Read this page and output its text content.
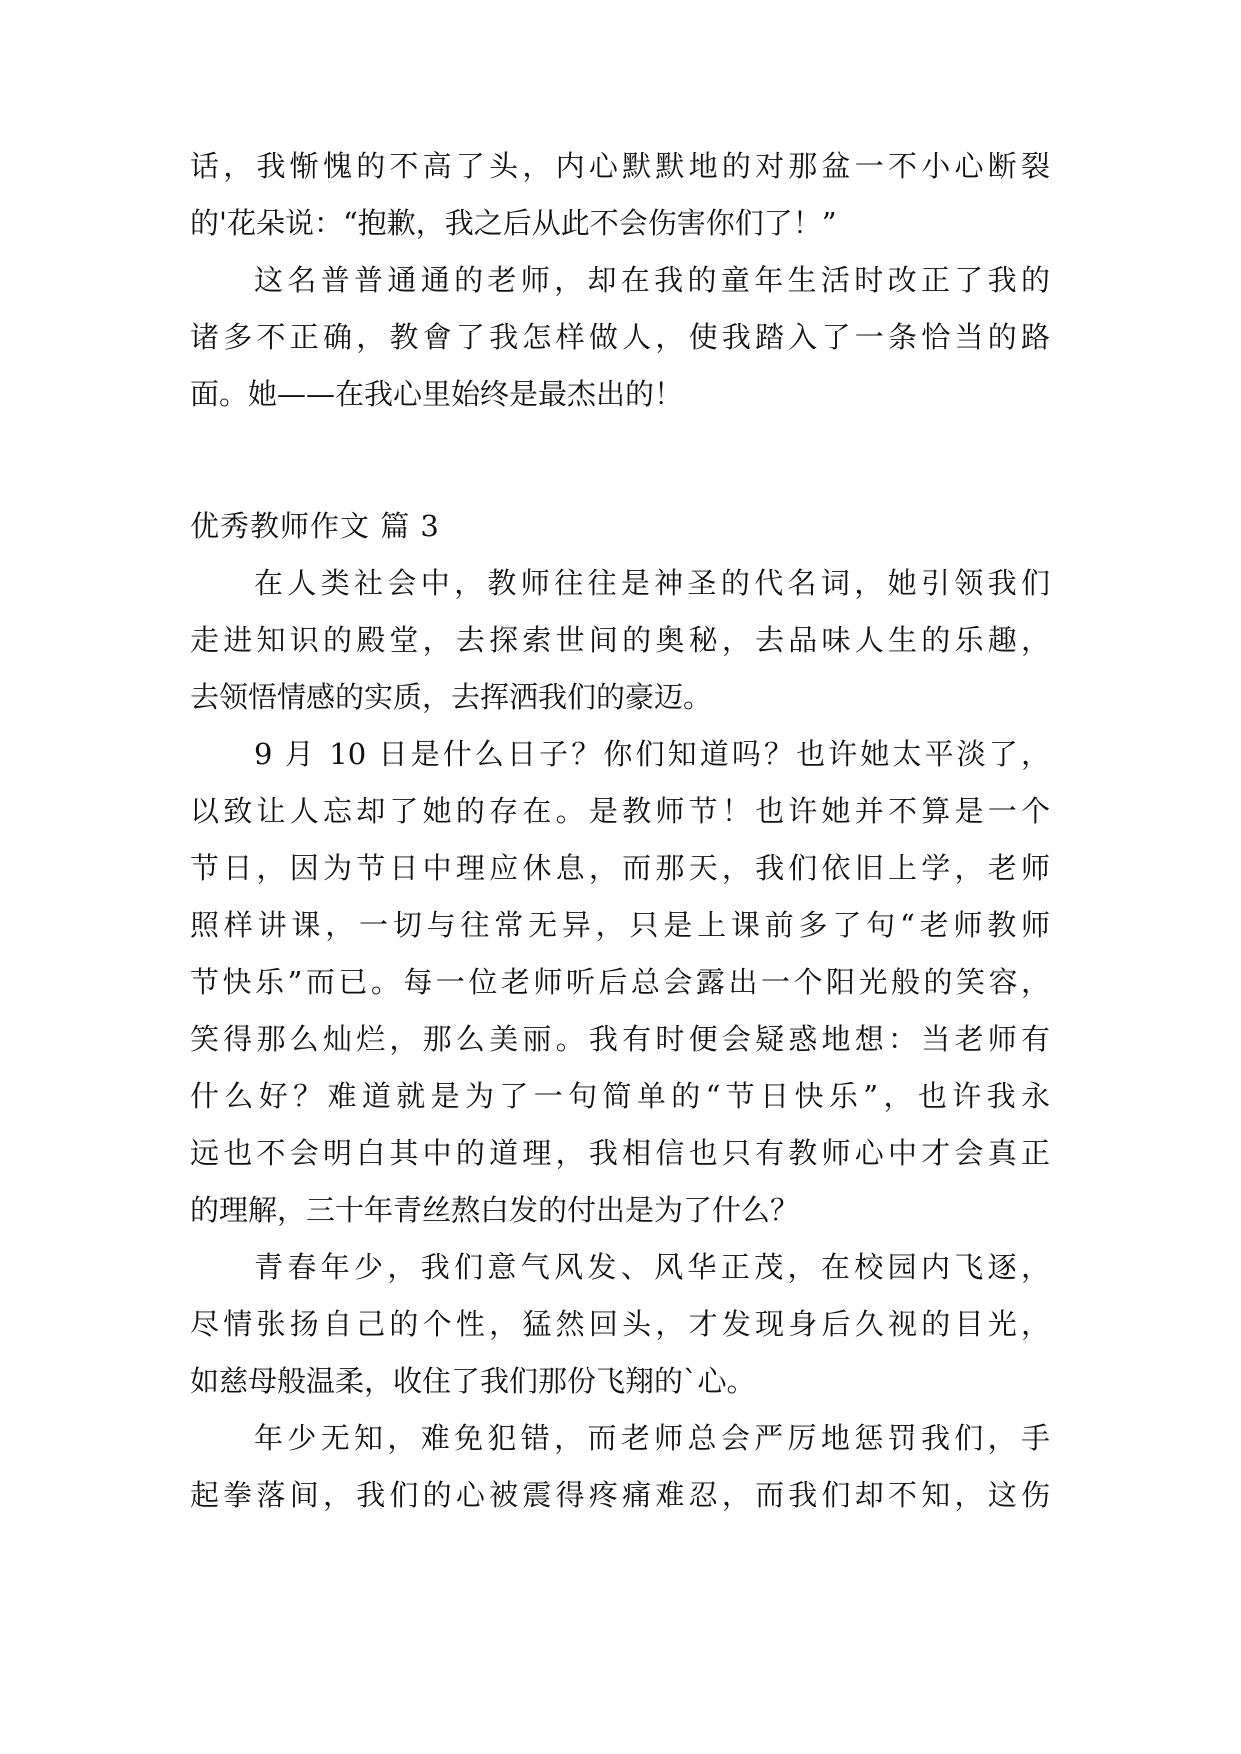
话，我惭愧的不高了头，内心默默地的对那盆一不小心断裂
的'花朵说：“抱歉，我之后从此不会伤害你们了！”
这名普普通通的老师，却在我的童年生活时改正了我的
诸多不正确，教會了我怎样做人，使我踏入了一条恰当的路
面。她——在我心里始终是最杰出的！
优秀教师作文 篇 3
在人类社会中，教师往往是神圣的代名词，她引领我们
走进知识的殿堂，去探索世间的奥秘，去品味人生的乐趣，
去领悟情感的实质，去挥洒我们的豪迈。
9 月 10 日是什么日子？你们知道吗？也许她太平淡了，
以致让人忘却了她的存在。是教师节！也许她并不算是一个
节日，因为节日中理应休息，而那天，我们依旧上学，老师
照样讲课，一切与往常无异，只是上课前多了句“老师教师
节快乐”而已。每一位老师听后总会露出一个阳光般的笑容，
笑得那么灿烂，那么美丽。我有时便会疑惑地想：当老师有
什么好？难道就是为了一句简单的“节日快乐”，也许我永
远也不会明白其中的道理，我相信也只有教师心中才会真正
的理解，三十年青丝熬白发的付出是为了什么？
青春年少，我们意气风发、风华正茂，在校园内飞逐，
尽情张扬自己的个性，猛然回头，才发现身后久视的目光，
如慈母般温柔，收住了我们那份飞翔的`心。
年少无知，难免犯错，而老师总会严厉地惩罚我们，手
起拳落间，我们的心被震得疼痛难忍，而我们却不知，这伤
